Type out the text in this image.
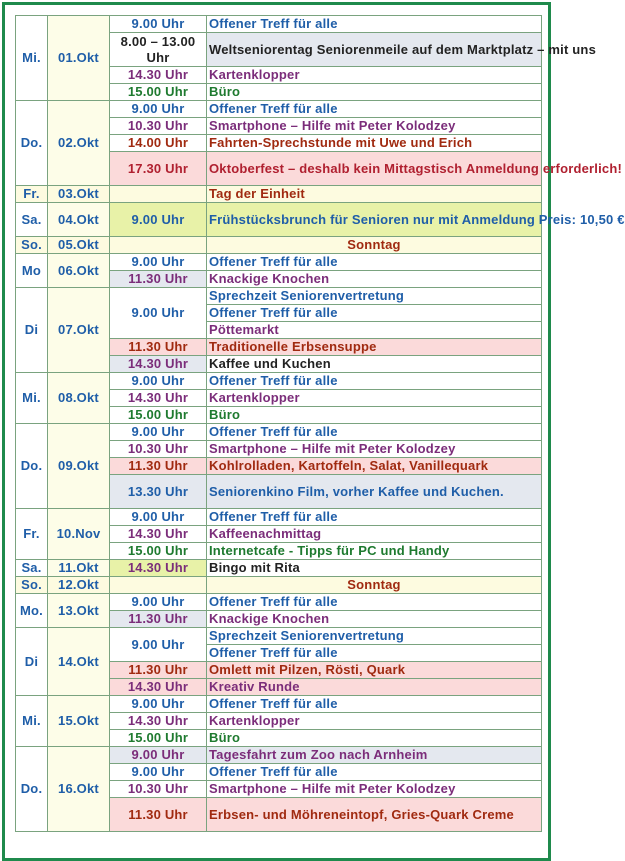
Mi.	01.Okt	9.00 Uhr	Offener Treff für alle
		8.00 – 13.00 Uhr	Weltseniorentag Seniorenmeile auf dem Marktplatz – mit uns
		14.30 Uhr	Kartenklopper
		15.00 Uhr	Büro
Do.	02.Okt	9.00 Uhr	Offener Treff für alle
		10.30 Uhr	Smartphone – Hilfe mit Peter Kolodzey
		14.00 Uhr	Fahrten-Sprechstunde mit Uwe und Erich
		17.30 Uhr	Oktoberfest – deshalb kein Mittagstisch Anmeldung erforderlich!
Fr.	03.Okt		Tag der Einheit
Sa.	04.Okt	9.00 Uhr	Frühstücksbrunch für Senioren nur mit Anmeldung Preis: 10,50 €
So.	05.Okt		Sonntag
Mo	06.Okt	9.00 Uhr	Offener Treff für alle
		11.30 Uhr	Knackige Knochen
Di	07.Okt	9.00 Uhr	Sprechzeit Seniorenvertretung
			Offener Treff für alle
			Pöttemarkt
		11.30 Uhr	Traditionelle Erbsensuppe
		14.30 Uhr	Kaffee und Kuchen
Mi.	08.Okt	9.00 Uhr	Offener Treff für alle
		14.30 Uhr	Kartenklopper
		15.00 Uhr	Büro
Do.	09.Okt	9.00 Uhr	Offener Treff für alle
		10.30 Uhr	Smartphone – Hilfe mit Peter Kolodzey
		11.30 Uhr	Kohlrolladen, Kartoffeln, Salat, Vanillequark
		13.30 Uhr	Seniorenkino Film, vorher Kaffee und Kuchen.
Fr.	10.Nov	9.00 Uhr	Offener Treff für alle
		14.30 Uhr	Kaffeenachmittag
		15.00 Uhr	Internetcafe - Tipps für PC und Handy
Sa.	11.Okt	14.30 Uhr	Bingo mit Rita
So.	12.Okt		Sonntag
Mo.	13.Okt	9.00 Uhr	Offener Treff für alle
		11.30 Uhr	Knackige Knochen
Di	14.Okt	9.00 Uhr	Sprechzeit Seniorenvertretung
			Offener Treff für alle
		11.30 Uhr	Omlett mit Pilzen, Rösti, Quark
		14.30 Uhr	Kreativ Runde
Mi.	15.Okt	9.00 Uhr	Offener Treff für alle
		14.30 Uhr	Kartenklopper
		15.00 Uhr	Büro
Do.	16.Okt	9.00 Uhr	Tagesfahrt zum Zoo nach Arnheim
		9.00 Uhr	Offener Treff für alle
		10.30 Uhr	Smartphone – Hilfe mit Peter Kolodzey
		11.30 Uhr	Erbsen- und Möhreneintopf, Gries-Quark Creme
